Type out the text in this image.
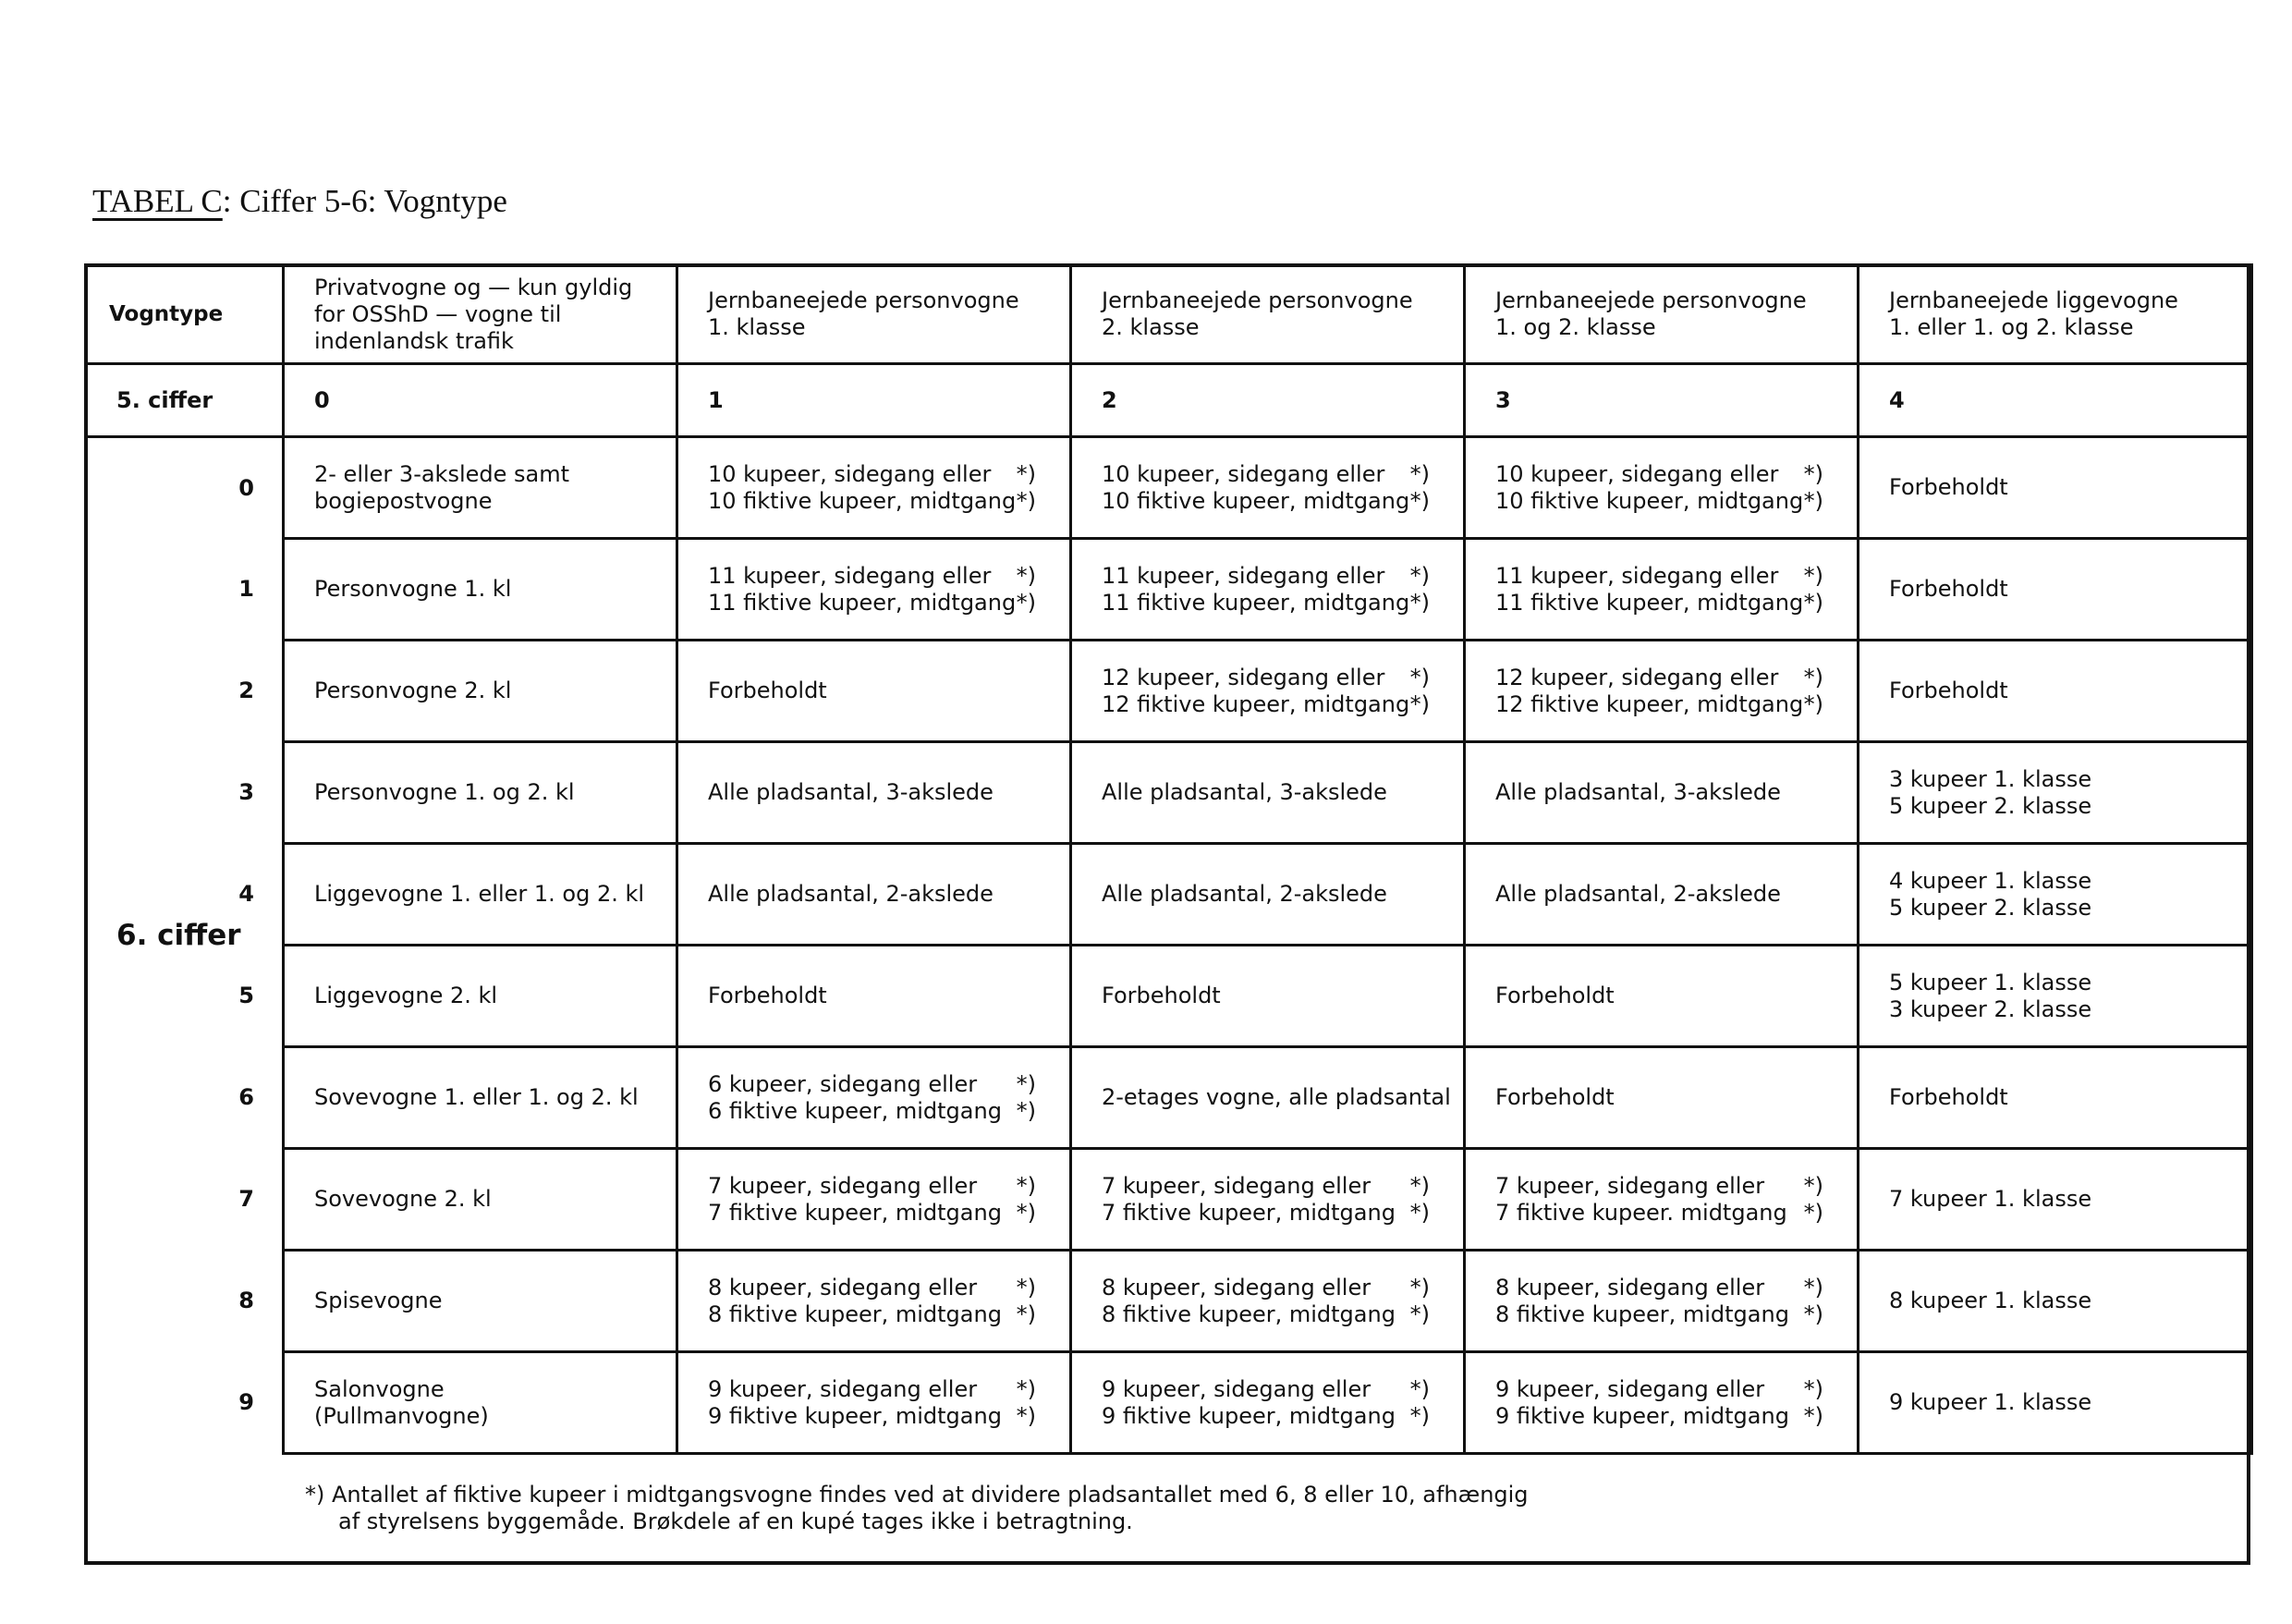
TABEL C: Ciffer 5-6: Vogntype
Vogntype	Privatvogne og — kun gyldig
for OSShD — vogne til
indenlandsk trafik	Jernbaneejede personvogne
1. klasse	Jernbaneejede personvogne
2. klasse	Jernbaneejede personvogne
1. og 2. klasse	Jernbaneejede liggevogne
1. eller 1. og 2. klasse

5. ciffer	0	1	2	3	4
0	2- eller 3-akslede samt
bogiepostvogne	10 kupeer, sidegang eller *)
10 fiktive kupeer, midtgang *)	10 kupeer, sidegang eller *)
10 fiktive kupeer, midtgang *)	10 kupeer, sidegang eller *)
10 fiktive kupeer, midtgang *)	Forbeholdt

1	Personvogne 1. kl	11 kupeer, sidegang eller *)
11 fiktive kupeer, midtgang *)	11 kupeer, sidegang eller *)
11 fiktive kupeer, midtgang *)	11 kupeer, sidegang eller *)
11 fiktive kupeer, midtgang *)	Forbeholdt

2	Personvogne 2. kl	Forbeholdt	12 kupeer, sidegang eller *)
12 fiktive kupeer, midtgang *)	12 kupeer, sidegang eller *)
12 fiktive kupeer, midtgang *)	Forbeholdt

3	Personvogne 1. og 2. kl	Alle pladsantal, 3-akslede	Alle pladsantal, 3-akslede	Alle pladsantal, 3-akslede	3 kupeer 1. klasse
5 kupeer 2. klasse

4	Liggevogne 1. eller 1. og 2. kl	Alle pladsantal, 2-akslede	Alle pladsantal, 2-akslede	Alle pladsantal, 2-akslede	4 kupeer 1. klasse
5 kupeer 2. klasse

5	Liggevogne 2. kl	Forbeholdt	Forbeholdt	Forbeholdt	5 kupeer 1. klasse
3 kupeer 2. klasse

6	Sovevogne 1. eller 1. og 2. kl	6 kupeer, sidegang eller *)
6 fiktive kupeer, midtgang *)	2-etages vogne, alle pladsantal	Forbeholdt	Forbeholdt

7	Sovevogne 2. kl	7 kupeer, sidegang eller *)
7 fiktive kupeer, midtgang *)	7 kupeer, sidegang eller *)
7 fiktive kupeer, midtgang *)	7 kupeer, sidegang eller *)
7 fiktive kupeer. midtgang *)	7 kupeer 1. klasse

8	Spisevogne	8 kupeer, sidegang eller *)
8 fiktive kupeer, midtgang *)	8 kupeer, sidegang eller *)
8 fiktive kupeer, midtgang *)	8 kupeer, sidegang eller *)
8 fiktive kupeer, midtgang *)	8 kupeer 1. klasse

9	Salonvogne
(Pullmanvogne)	9 kupeer, sidegang eller *)
9 fiktive kupeer, midtgang *)	9 kupeer, sidegang eller *)
9 fiktive kupeer, midtgang *)	9 kupeer, sidegang eller *)
9 fiktive kupeer, midtgang *)	9 kupeer 1. klasse
6. ciffer
*) Antallet af fiktive kupeer i midtgangsvogne findes ved at dividere pladsantallet med 6, 8 eller 10, afhængig
af styrelsens byggemåde. Brøkdele af en kupé tages ikke i betragtning.
